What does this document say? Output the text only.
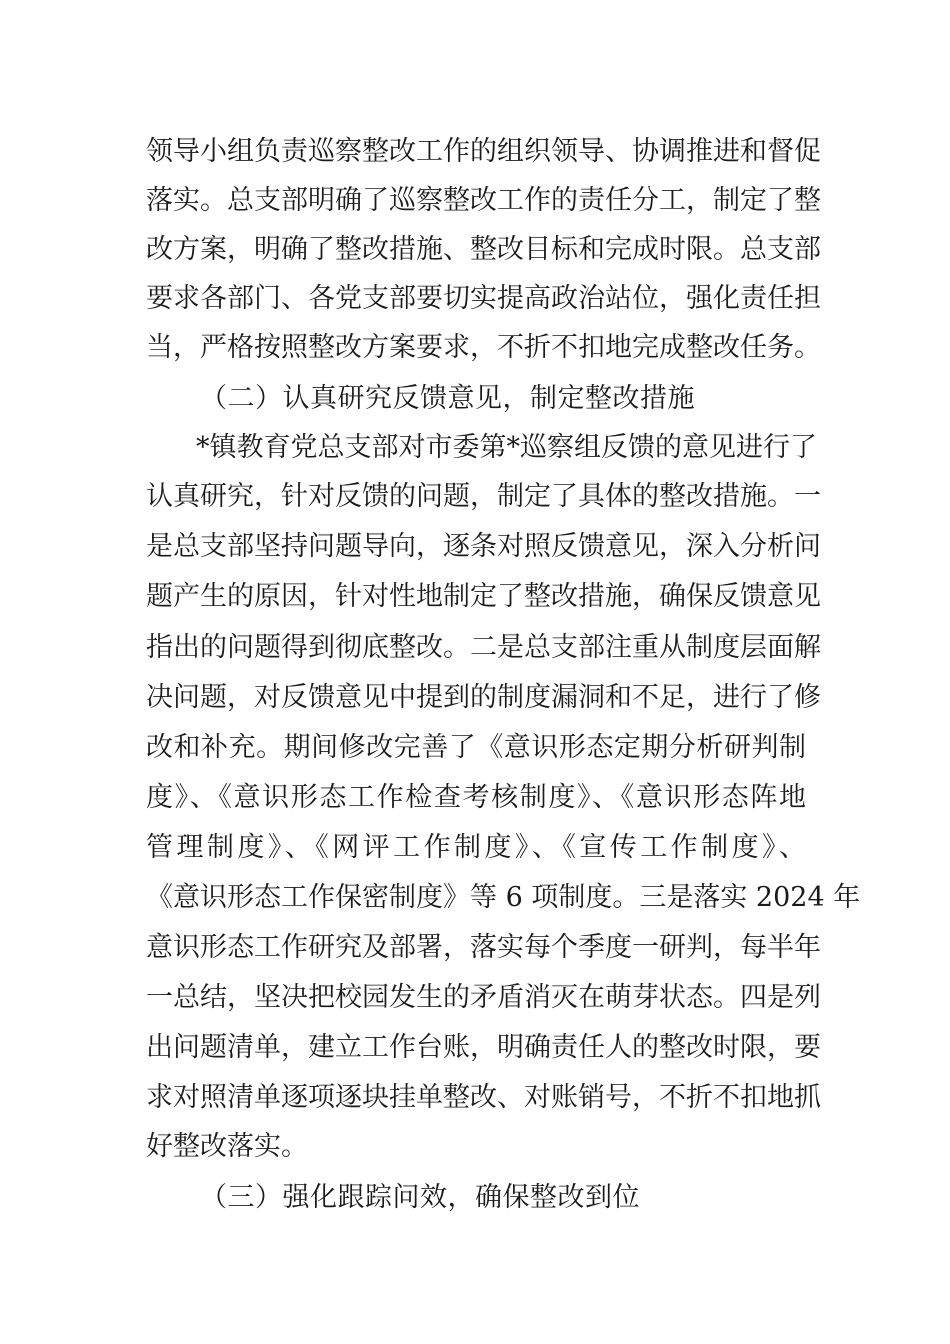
领导小组负责巡察整改工作的组织领导、协调推进和督促
落实。总支部明确了巡察整改工作的责任分工，制定了整
改方案，明确了整改措施、整改目标和完成时限。总支部
要求各部门、各党支部要切实提高政治站位，强化责任担
当，严格按照整改方案要求，不折不扣地完成整改任务。
（二）认真研究反馈意见，制定整改措施
*镇教育党总支部对市委第*巡察组反馈的意见进行了
认真研究，针对反馈的问题，制定了具体的整改措施。一
是总支部坚持问题导向，逐条对照反馈意见，深入分析问
题产生的原因，针对性地制定了整改措施，确保反馈意见
指出的问题得到彻底整改。二是总支部注重从制度层面解
决问题，对反馈意见中提到的制度漏洞和不足，进行了修
改和补充。期间修改完善了《意识形态定期分析研判制
度》、《意识形态工作检查考核制度》、《意识形态阵地
管理制度》、《网评工作制度》、《宣传工作制度》、
《意识形态工作保密制度》等 6 项制度。三是落实 2024 年
意识形态工作研究及部署，落实每个季度一研判，每半年
一总结，坚决把校园发生的矛盾消灭在萌芽状态。四是列
出问题清单，建立工作台账，明确责任人的整改时限，要
求对照清单逐项逐块挂单整改、对账销号，不折不扣地抓
好整改落实。
（三）强化跟踪问效，确保整改到位
